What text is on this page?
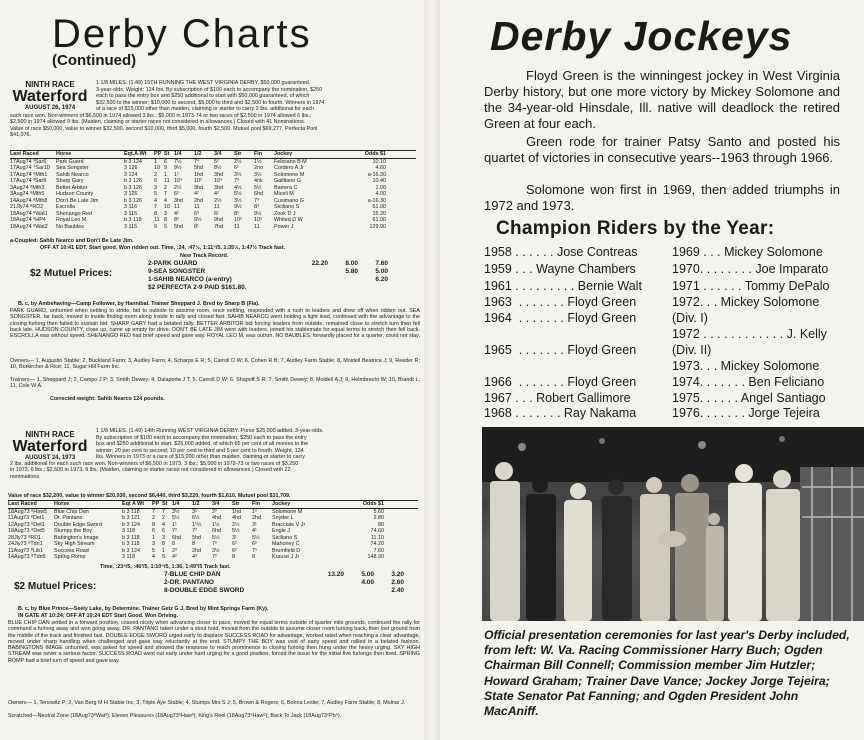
Derby Charts
(Continued)
NINTH RACE
Waterford
AUGUST 26, 1974
1 1/8 MILES. (1.49) 15TH RUNNING THE WEST VIRGINIA DERBY. $50,000 guaranteed.
3-year-olds. Weight: 124 lbs. By subscription of $100 each to accompany the nomination, $250
each to pass the entry box and $250 additional to start with $50,000 guaranteed, of which
$32,500 to the winner; $10,000 to second, $5,000 to third and $2,500 to fourth. Winners in 1974
of a race of $15,000 other than maiden, claiming or starter to carry 2 lbs. additional for each
such race won. Non-winners of $6,500 in 1974 allowed 3 lbs.; $5,000 in 1973-74 or two races of $2,500 in 1974 allowed 6 lbs.;
$2,500 in 1974 allowed 9 lbs. (Maiden, claiming or starter races not considered in allowances.) Closed with 41 Nominations.
Value of race $50,000, value to winner $32,500, second $10,000, third $5,000, fourth $2,500. Mutuel pool $69,277. Perfecta Pool
$41,076.
Last Raced	Horse	Eqt.A.Wt	PP St 1/4	1/2	3/4	Str	Fin	Jockey	Odds $1
17Aug74 ³Sar6	Park Guard	b 3 124	1	6	7½	7⁴	5²	2½	1½	Feliciano B M	10.10
17Aug74 ⁴Sar10	Sea Songster	3 126	10 9	9½	5hd	8½	6¹	2no	Cordero A Jr	4.60
17Aug74 ⁸Mth1	Sahib Nearco	3 124	2	1	1¹	1hd	3hd	3½	3½	Solomone M	a-16.30
17Aug74 ³Sar9	Sharp Gary	b 3 126	6	11 10⁴	10²	10⁴	7³	4nk	Gallitano G	10.40
3Aug74 ⁸Mth3	Better Arbitor	b 3 126	3	2	2½	3hd	3hd	4½	5½	Barrera C	1.00
3Aug74 ⁸Mth5	Hudson County	3 126	5	7	6²	4²	4²	5½	6hd	Miceli M	4.00
14Aug74 ⁸Mth8	Don't Be Late Jim	b 3 126	4	4	3hd	2hd	2½	3½	7³	Cusimano G	a-16.30
21Jly74 ⁸RD2	Escrolla	3 116	7	10 11	11	11	9½	8⁴	Siciliano S	61.00
18Aug74 ⁸Wat1	Shenango Red	3 115	8	3	4¹	6²	6¹	8²	9½	Zook D J	15.20
18Aug74 ⁶HP4	Royal Leo M.	b 3 118	11 8	8³	9½	9hd	10²	10⁶	Whited D W	61.00
18Aug74 ⁸Wat2	No Baubles	3 115	9	5	5hd	8¹	7hd	11	11	Power J	129.90
a-Coupled: Sahib Nearco and Don't Be Late Jim.
OFF AT 10:41 EDT. Start good. Won ridden out. Time, :24, :47½, 1:11⁴/5, 1:35½, 1:47½ Track fast.
New Track Record.
$2 Mutuel Prices:
2-PARK GUARD	22.20	8.00	7.60
9-SEA SONGSTER	5.80	5.00
1-SAHIB NEARCO (a-entry)	6.20
$2 PERFECTA 2-9 PAID $161.80.
B. c, by Ambehaving—Camp Follower, by Hannibal. Trainer Sheppard J. Bred by Sharp B (Fla).
PARK GUARD, unhurried when settling to stride, bid to outside to assume room, once settling, responded with a rush to leaders and drew off when ridden out. SEA SONGSTER, far back, moved to inside finding room along inside in rally and closed fast. SAHIB NEARCO went holding a light lead, continued with the advantage to the closing furlong then failed to sustain bid. SHARP GARY had a belated rally. BETTER ARBITOR bid forcing leaders from outside, remained close to stretch turn then fell back late. HUDSON COUNTY, close up, came up empty for drive. DON'T BE LATE JIM went with leaders, joined his stablemate for equal terms to stretch then fell back. ESCROLLA was without speed. SHENANGO RED had brief speed and gave way. ROYAL LEO M. was outrun. NO BAUBLES, forwardly placed for a quarter, could not stay.
Owners— 1, Augustin Stable; 2, Buckland Farm; 3, Audley Farm; 4, Scharps E R; 5, Carroll D W; 6, Cohen R B; 7, Audley Farm Stable; 8, Moidell Beatrice J; 9, Reeder R; 10, Borkircher & Rice; 11, Sugar Hill Farm Inc.
Trainers— 1, Sheppard J; 2, Campo J P; 3, Smith Dewey; 4, Dalaporta J T; 5, Carroll D W; 6, Shapoff S R; 7, Smith Dewey; 8, Moidell A J; 9, Helmbrecht W; 10, Brandt L; 11, Cole W A.
Corrected weight: Sahib Nearco 124 pounds.
NINTH RACE
Waterford
AUGUST 24, 1973
1 1/8 MILES. (1.49) 14th Running WEST VIRGINIA DERBY. Purse $25,000 added. 3-year-olds.
By subscription of $100 each to accompany the nomination, $250 each to pass the entry
box and $250 additional to start. $25,000 added, of which 65 per cent of all monies to the
winner; 20 per cent to second; 10 per cent to third and 5 per cent to fourth. Weight, 124
lbs. Winners in 1973 or a race of $15,000 other than maiden, claiming or starter to carry
2 lbs. additional for each such race won. Non-winners of $6,500 in 1973, 3 lbs.; $5,000 in 1972-73 or two races of $3,250
in 1973, 6 lbs.; $2,500 in 1973, 9 lbs. (Maiden, claiming or starter races not considered in allowances.) Closed with 22
nominations.
Value of race $32,200, value to winner $20,930, second $6,440, third $3,220, fourth $1,610. Mutuel pool $31,709.
Last Raced	Horse	Eqt A Wt	PP St 1/4	1/2	3/4	Str	Fin	Jockey	Odds $1
18Aug73 ⁶Haw5	Blue Chip Dan	b 3 118	7	7	3½	3²	2²	1hd	1²	Solomone M	5.60
11Aug73 ⁸Det1	Dr. Pantano	b 3 121	2	2	5½	6½	4hd	4hd	2hd	Snyder L	2.80
12Aug73 ⁶Det1	Double Edge Sword	b 3 124	8	4	1¹	1¹½	1½	2½	3¹	Bracciale V Jr	80
18Aug73 ⁸Det5	Stumpy the Boy	3 118	6	6	7²	7³	6hd	5½	4¹	Engle J	74.60
28Jly73 ⁸RD1	Babington's Image	b 3 118	1	3	6hd	5hd	5½	3¹	5½	Siciliano S	11.10
24Jly73 ⁸Tdn1	Sky High Stream	b 3 118	3	8	8	8	7²	6²	6²	Mahoney C	74.20
11Aug73 ⁸Lib1	Success Road	b 3 124	5	1	2³	2hd	3½	6²	7⁵	Brumfield D	7.60
14Aug73 ⁸Tdn5	Spring Romp	3 118	4	5	4²	4³	7²	8	8	Krause J Jr	148.90
Time, :23⁴/5, :46³/5, 1:10⁴/5, 1:36, 1:49³/5 Track fast.
$2 Mutuel Prices:
7-BLUE CHIP DAN	13.20	5.00	3.20
2-DR. PANTANO	4.00	2.60
8-DOUBLE EDGE SWORD	2.40
B. c, by Blue Prince—Seely Lake, by Determine. Trainer Getz G J. Bred by Mint Springs Farm (Ky).
IN GATE AT 10:24; OFF AT 10:24 EDT Start Good. Won Driving.
BLUE CHIP DAN settled in a forward position, coaxed nicely when advancing closer to pace, moved for equal terms outside of quarter mile grounds, continued the rally for command a furlong away and won going away. DR. PANTANO taken under a stout hold, moved from the outside to assume closer room turning back, then lost ground from the middle of the track and finished fast. DOUBLE EDGE SWORD urged early to displace SUCCESS ROAD for advantage, worked rated when reaching a clear advantage, moved under sharp handling when challenged and gave way reluctantly at the end. STUMPY THE BOY was void of early speed and rallied in a belated fashion. BABINGTONS IMAGE unhurried, was asked for speed and showed the response to reach prominence to closing furlong then hung under the heavy urging. SKY HIGH STREAM was never a serious factor. SUCCESS ROAD went out early under hard urging for a good position, forced the issue for the initial five furlongs then tired. SPRING ROMP had a brief turn of speed and gave way.
Owners— 1, Tenowitz P; 2, Van Berg M H Stable Inc; 3, Triple Aye Stable; 4, Stumps Mrs S J; 5, Brown & Rogers; 6, Bohna Leslie; 7, Audley Farm Stable; 8, Molnar J.
Scratched—Neutral Zone (18Aug73⁸Wat²); Eleven Pleasures (18Aug73⁶Haw³); King's Reel (18Aug73⁶Haw⁶); Back To Jack (18Aug73⁶Pb⁵).
Derby Jockeys
Floyd Green is the winningest jockey in West Virginia Derby history, but one more victory by Mickey Solomone and the 34-year-old Hinsdale, Ill. native will deadlock the retired Green at four each.
Green rode for trainer Patsy Santo and posted his quartet of victories in consecutive years--1963 through 1966.
Solomone won first in 1969, then added triumphs in 1972 and 1973.
Champion Riders by the Year:
1958 . . . . . . Jose Contreas
1959 . . . Wayne Chambers
1961 . . . . . . . . . Bernie Walt
1963  . . . . . . . Floyd Green
1964  . . . . . . . Floyd Green
1965  . . . . . . . Floyd Green
1966  . . . . . . . Floyd Green
1967 . . . Robert Gallimore
1968 . . . . . . . Ray Nakama
1969 . . . Mickey Solomone
1970. . . . . . . . Joe Imparato
1971 . . . . . . Tommy DePalo
1972. . . Mickey Solomone
(Div. I)
1972 . . . . . . . . . . . . J. Kelly
(Div. II)
1973. . . Mickey Solomone
1974. . . . . . . Ben Feliciano
1975. . . . . . Angel Santiago
1976. . . . . . . Jorge Tejeira
Official presentation ceremonies for last year's Derby included, from left: W. Va. Racing Commissioner Harry Buch; Ogden Chairman Bill Connell; Commission member Jim Hutzler; Howard Graham; Trainer Dave Vance; Jockey Jorge Tejeira; State Senator Pat Fanning; and Ogden President John MacAniff.
